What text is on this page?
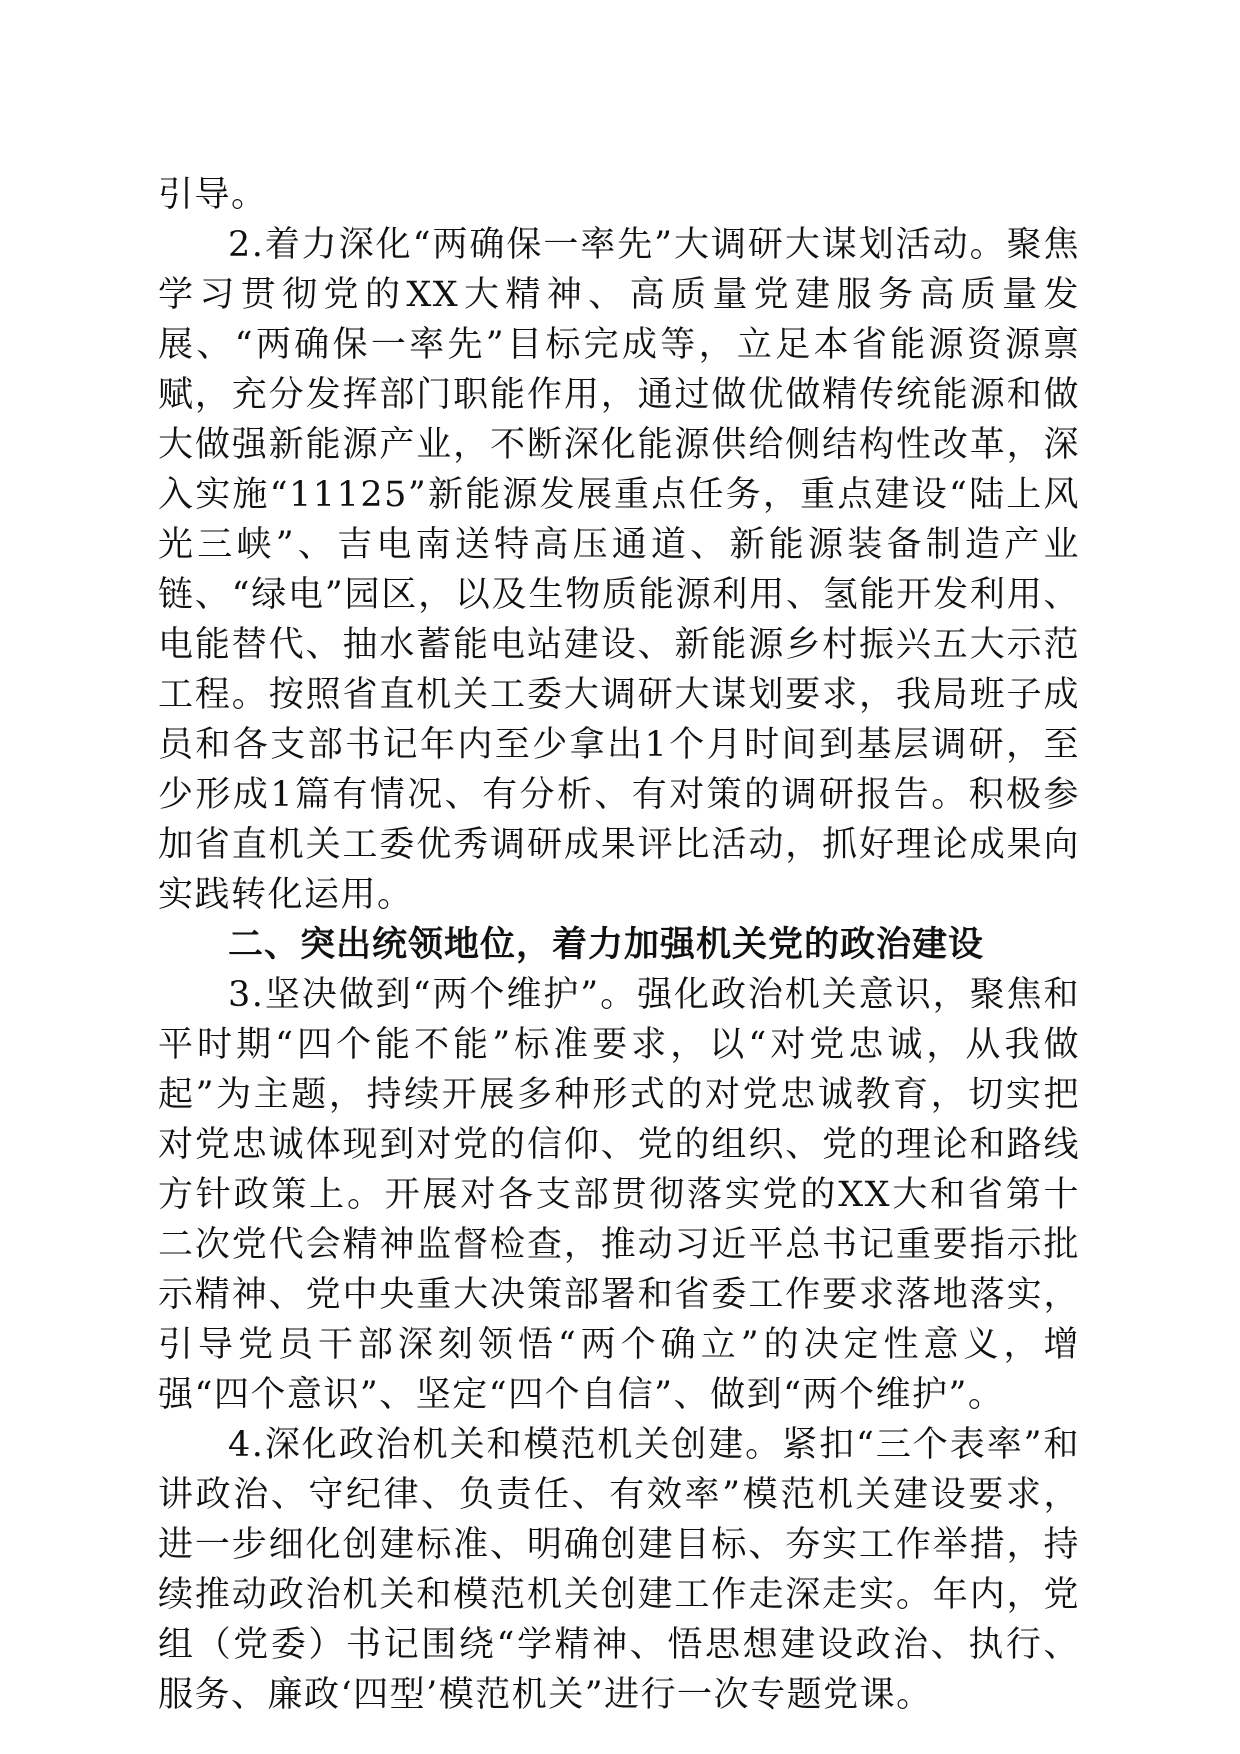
引导。

2.着力深化“两确保一率先”大调研大谋划活动。聚焦学习贯彻党的XX大精神、高质量党建服务高质量发展、“两确保一率先”目标完成等，立足本省能源资源禀赋，充分发挥部门职能作用，通过做优做精传统能源和做大做强新能源产业，不断深化能源供给侧结构性改革，深入实施“11125”新能源发展重点任务，重点建设“陆上风光三峡”、吉电南送特高压通道、新能源装备制造产业链、“绿电”园区，以及生物质能源利用、氢能开发利用、电能替代、抽水蓄能电站建设、新能源乡村振兴五大示范工程。按照省直机关工委大调研大谋划要求，我局班子成员和各支部书记年内至少拿出1个月时间到基层调研，至少形成1篇有情况、有分析、有对策的调研报告。积极参加省直机关工委优秀调研成果评比活动，抓好理论成果向实践转化运用。

二、突出统领地位，着力加强机关党的政治建设

3.坚决做到“两个维护”。强化政治机关意识，聚焦和平时期“四个能不能”标准要求，以“对党忠诚，从我做起”为主题，持续开展多种形式的对党忠诚教育，切实把对党忠诚体现到对党的信仰、党的组织、党的理论和路线方针政策上。开展对各支部贯彻落实党的XX大和省第十二次党代会精神监督检查，推动习近平总书记重要指示批示精神、党中央重大决策部署和省委工作要求落地落实，引导党员干部深刻领悟“两个确立”的决定性意义，增强“四个意识”、坚定“四个自信”、做到“两个维护”。

4.深化政治机关和模范机关创建。紧扣“三个表率”和讲政治、守纪律、负责任、有效率”模范机关建设要求，进一步细化创建标准、明确创建目标、夯实工作举措，持续推动政治机关和模范机关创建工作走深走实。年内，党组（党委）书记围绕“学精神、悟思想建设政治、执行、服务、廉政‘四型’模范机关”进行一次专题党课。
